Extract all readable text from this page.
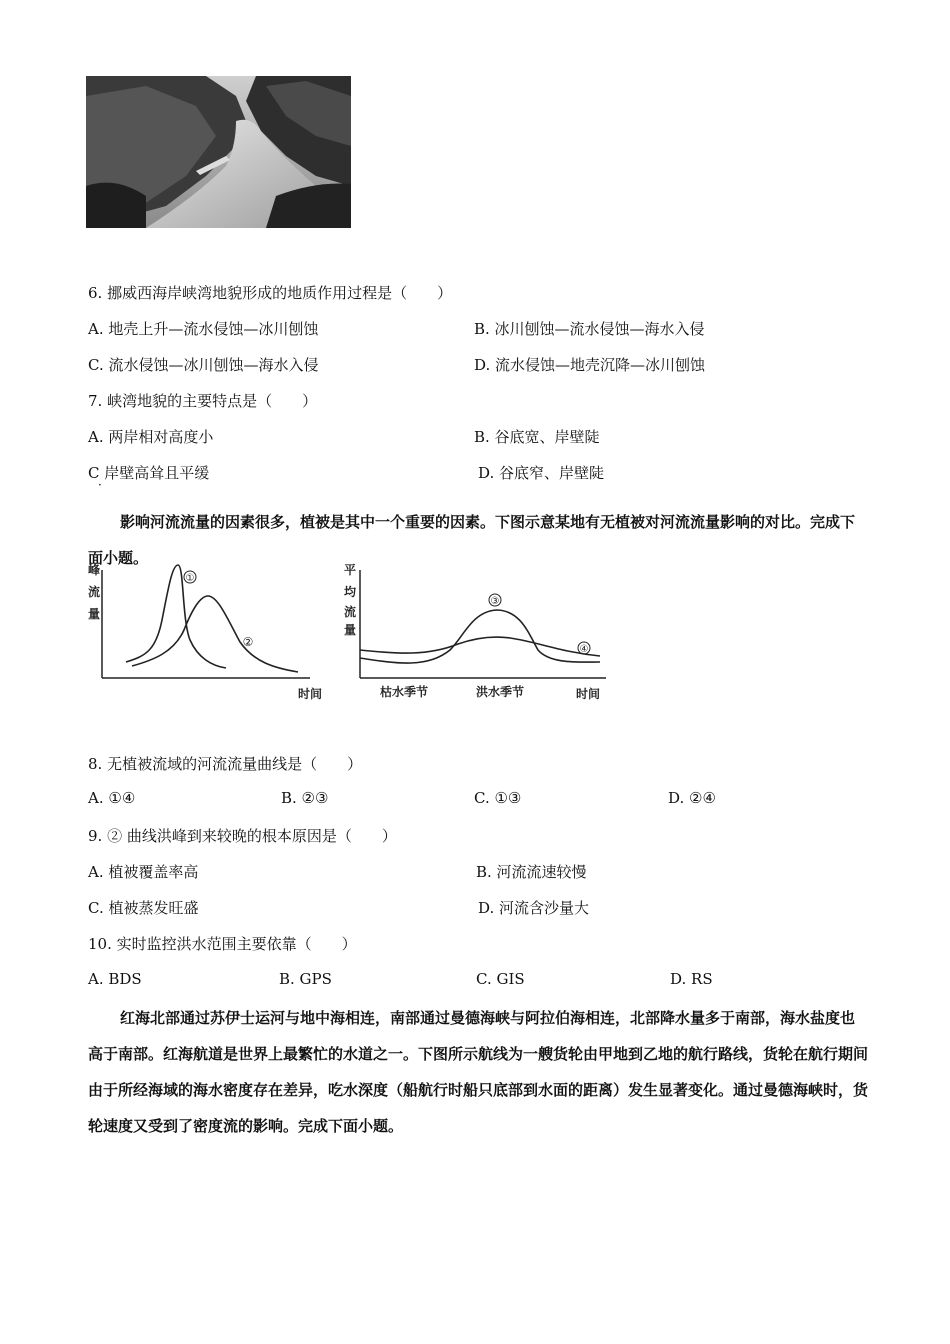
6. 挪威西海岸峡湾地貌形成的地质作用过程是（　　）
A. 地壳上升—流水侵蚀—冰川刨蚀	B. 冰川刨蚀—流水侵蚀—海水入侵
C. 流水侵蚀—冰川刨蚀—海水入侵	D. 流水侵蚀—地壳沉降—冰川刨蚀
7. 峡湾地貌的主要特点是（　　）
A. 两岸相对高度小	B. 谷底宽、岸壁陡
C 岸壁高耸且平缓	D. 谷底窄、岸壁陡
·
影响河流流量的因素很多，植被是其中一个重要的因素。下图示意某地有无植被对河流流量影响的对比。完成下面小题。
峰
流
量
①
②
时间
平
均
流
量
③
④
枯水季节	洪水季节	时间
8. 无植被流域的河流流量曲线是（　　）
A. ①④	B. ②③	C. ①③	D. ②④
9. ② 曲线洪峰到来较晚的根本原因是（　　）
A. 植被覆盖率高	B. 河流流速较慢
C. 植被蒸发旺盛	D. 河流含沙量大
10. 实时监控洪水范围主要依靠（　　）
A. BDS	B. GPS	C. GIS	D. RS
红海北部通过苏伊士运河与地中海相连，南部通过曼德海峡与阿拉伯海相连，北部降水量多于南部，海水盐度也高于南部。红海航道是世界上最繁忙的水道之一。下图所示航线为一艘货轮由甲地到乙地的航行路线，货轮在航行期间由于所经海域的海水密度存在差异，吃水深度（船航行时船只底部到水面的距离）发生显著变化。通过曼德海峡时，货轮速度又受到了密度流的影响。完成下面小题。
